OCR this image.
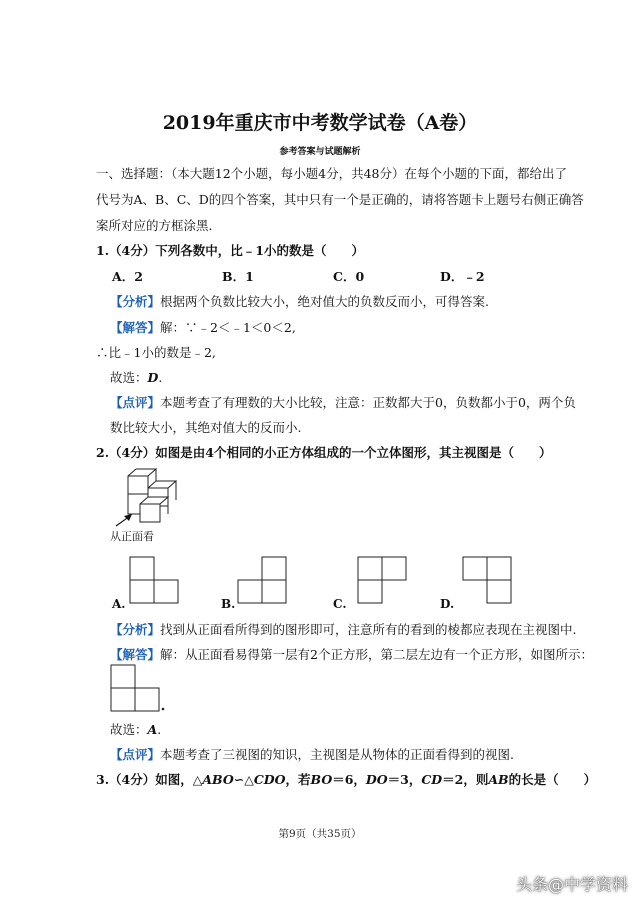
2019年重庆市中考数学试卷（A卷）
参考答案与试题解析
一、选择题：（本大题12个小题，每小题4分，共48分）在每个小题的下面，都给出了
代号为A、B、C、D的四个答案，其中只有一个是正确的，请将答题卡上题号右侧正确答
案所对应的方框涂黑.
1.（4分）下列各数中，比﹣1小的数是（　　）
A．2	B．1	C．0	D．﹣2
【分析】根据两个负数比较大小，绝对值大的负数反而小，可得答案.
【解答】解：∵﹣2＜﹣1＜0＜2,
∴比﹣1小的数是﹣2,
故选：D.
【点评】本题考查了有理数的大小比较，注意：正数都大于0，负数都小于0，两个负
数比较大小，其绝对值大的反而小.
2.（4分）如图是由4个相同的小正方体组成的一个立体图形，其主视图是（　　）
从正面看
A.	B.	C.	D.
【分析】找到从正面看所得到的图形即可，注意所有的看到的棱都应表现在主视图中.
【解答】解：从正面看易得第一层有2个正方形，第二层左边有一个正方形，如图所示：
故选：A.
【点评】本题考查了三视图的知识，主视图是从物体的正面看得到的视图.
3.（4分）如图，△ABO∽△CDO，若BO＝6，DO＝3，CD＝2，则AB的长是（　　）
第9页（共35页）
头条@中学资料
